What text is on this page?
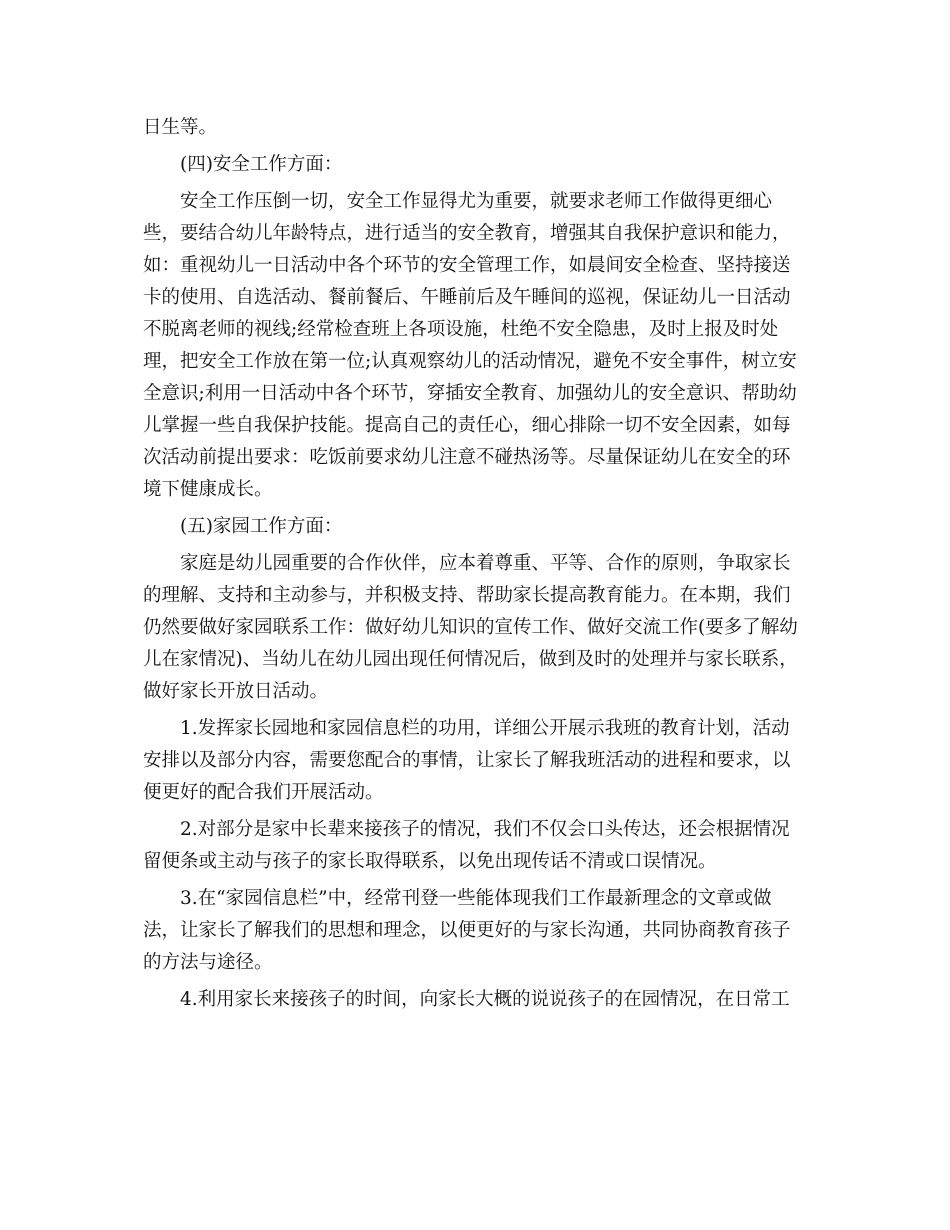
日生等。
(四)安全工作方面：
安全工作压倒一切，安全工作显得尤为重要，就要求老师工作做得更细心
些，要结合幼儿年龄特点，进行适当的安全教育，增强其自我保护意识和能力，
如：重视幼儿一日活动中各个环节的安全管理工作，如晨间安全检查、坚持接送
卡的使用、自选活动、餐前餐后、午睡前后及午睡间的巡视，保证幼儿一日活动
不脱离老师的视线;经常检查班上各项设施，杜绝不安全隐患，及时上报及时处
理，把安全工作放在第一位;认真观察幼儿的活动情况，避免不安全事件，树立安
全意识;利用一日活动中各个环节，穿插安全教育、加强幼儿的安全意识、帮助幼
儿掌握一些自我保护技能。提高自己的责任心，细心排除一切不安全因素，如每
次活动前提出要求：吃饭前要求幼儿注意不碰热汤等。尽量保证幼儿在安全的环
境下健康成长。
(五)家园工作方面：
家庭是幼儿园重要的合作伙伴，应本着尊重、平等、合作的原则，争取家长
的理解、支持和主动参与，并积极支持、帮助家长提高教育能力。在本期，我们
仍然要做好家园联系工作：做好幼儿知识的宣传工作、做好交流工作(要多了解幼
儿在家情况)、当幼儿在幼儿园出现任何情况后，做到及时的处理并与家长联系，
做好家长开放日活动。
1.发挥家长园地和家园信息栏的功用，详细公开展示我班的教育计划，活动
安排以及部分内容，需要您配合的事情，让家长了解我班活动的进程和要求，以
便更好的配合我们开展活动。
2.对部分是家中长辈来接孩子的情况，我们不仅会口头传达，还会根据情况
留便条或主动与孩子的家长取得联系，以免出现传话不清或口误情况。
3.在“家园信息栏”中，经常刊登一些能体现我们工作最新理念的文章或做
法，让家长了解我们的思想和理念，以便更好的与家长沟通，共同协商教育孩子
的方法与途径。
4.利用家长来接孩子的时间，向家长大概的说说孩子的在园情况，在日常工
